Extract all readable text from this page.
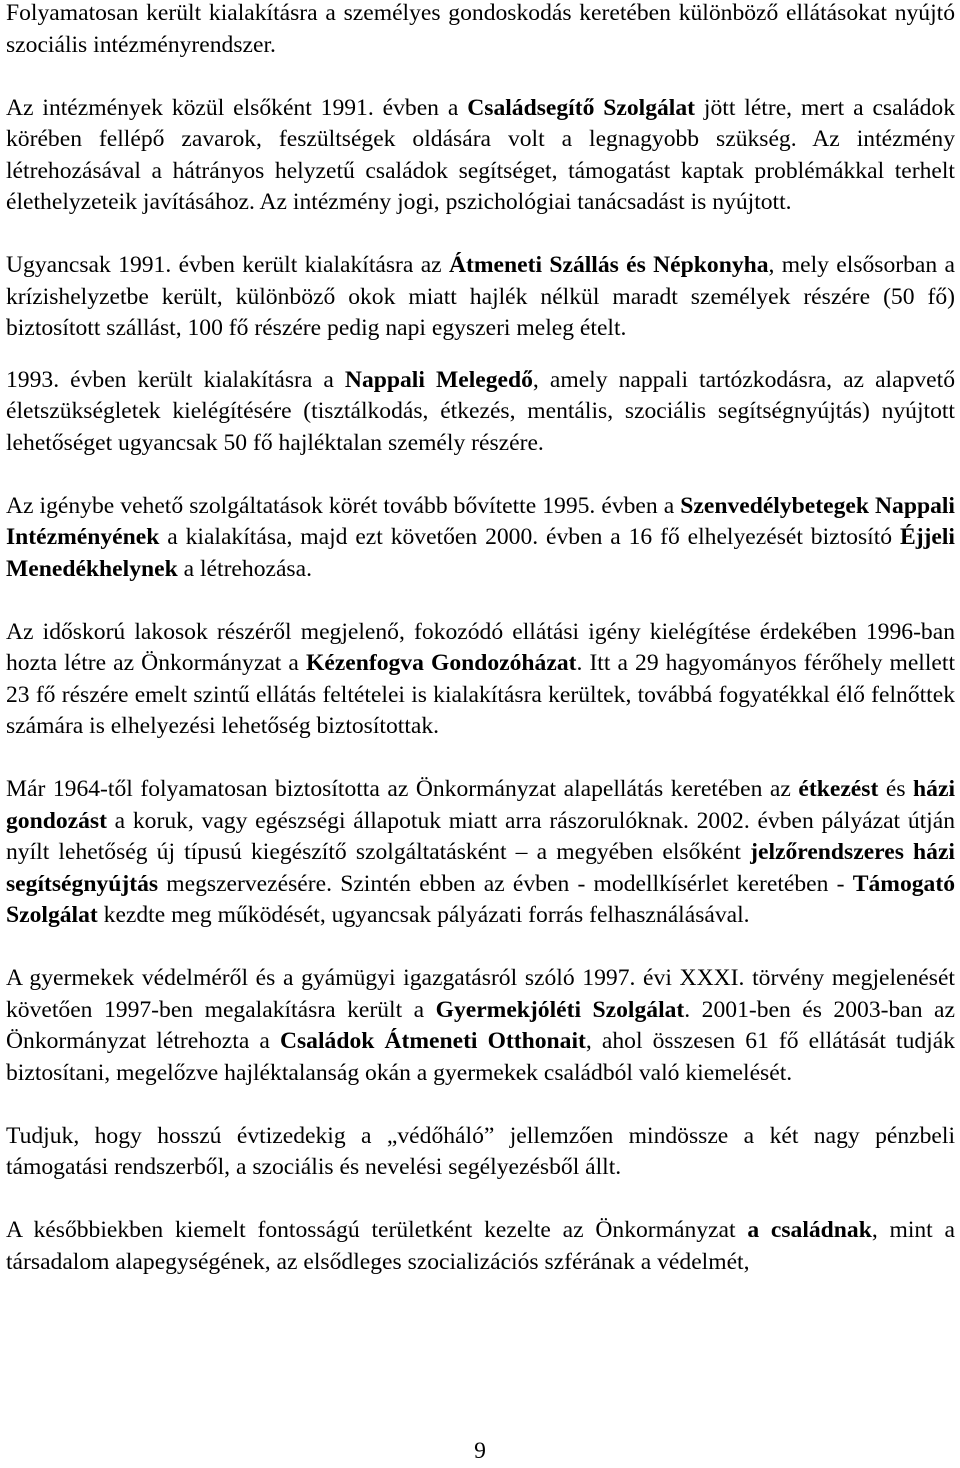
Folyamatosan került kialakításra a személyes gondoskodás keretében különböző ellátásokat nyújtó szociális intézményrendszer.

Az intézmények közül elsőként 1991. évben a Családsegítő Szolgálat jött létre, mert a családok körében fellépő zavarok, feszültségek oldására volt a legnagyobb szükség. Az intézmény létrehozásával a hátrányos helyzetű családok segítséget, támogatást kaptak problémákkal terhelt élethelyzeteik javításához. Az intézmény jogi, pszichológiai tanácsadást is nyújtott.

Ugyancsak 1991. évben került kialakításra az Átmeneti Szállás és Népkonyha, mely elsősorban a krízishelyzetbe került, különböző okok miatt hajlék nélkül maradt személyek részére (50 fő) biztosított szállást, 100 fő részére pedig napi egyszeri meleg ételt.

1993. évben került kialakításra a Nappali Melegedő, amely nappali tartózkodásra, az alapvető életszükségletek kielégítésére (tisztálkodás, étkezés, mentális, szociális segítségnyújtás) nyújtott lehetőséget ugyancsak 50 fő hajléktalan személy részére.

Az igénybe vehető szolgáltatások körét tovább bővítette 1995. évben a Szenvedélybetegek Nappali Intézményének a kialakítása, majd ezt követően 2000. évben a 16 fő elhelyezését biztosító Éjjeli Menedékhelynek a létrehozása.

Az időskorú lakosok részéről megjelenő, fokozódó ellátási igény kielégítése érdekében 1996-ban hozta létre az Önkormányzat a Kézenfogva Gondozóházat. Itt a 29 hagyományos férőhely mellett 23 fő részére emelt szintű ellátás feltételei is kialakításra kerültek, továbbá fogyatékkal élő felnőttek számára is elhelyezési lehetőség biztosítottak.

Már 1964-től folyamatosan biztosította az Önkormányzat alapellátás keretében az étkezést és házi gondozást a koruk, vagy egészségi állapotuk miatt arra rászorulóknak. 2002. évben pályázat útján nyílt lehetőség új típusú kiegészítő szolgáltatásként – a megyében elsőként jelzőrendszeres házi segítségnyújtás megszervezésére. Szintén ebben az évben - modellkísérlet keretében - Támogató Szolgálat kezdte meg működését, ugyancsak pályázati forrás felhasználásával.

A gyermekek védelméről és a gyámügyi igazgatásról szóló 1997. évi XXXI. törvény megjelenését követően 1997-ben megalakításra került a Gyermekjóléti Szolgálat. 2001-ben és 2003-ban az Önkormányzat létrehozta a Családok Átmeneti Otthonait, ahol összesen 61 fő ellátását tudják biztosítani, megelőzve hajléktalanság okán a gyermekek családból való kiemelését.

Tudjuk, hogy hosszú évtizedekig a „védőháló” jellemzően mindössze a két nagy pénzbeli támogatási rendszerből, a szociális és nevelési segélyezésből állt.

A későbbiekben kiemelt fontosságú területként kezelte az Önkormányzat a családnak, mint a társadalom alapegységének, az elsődleges szocializációs szférának a védelmét,

9
